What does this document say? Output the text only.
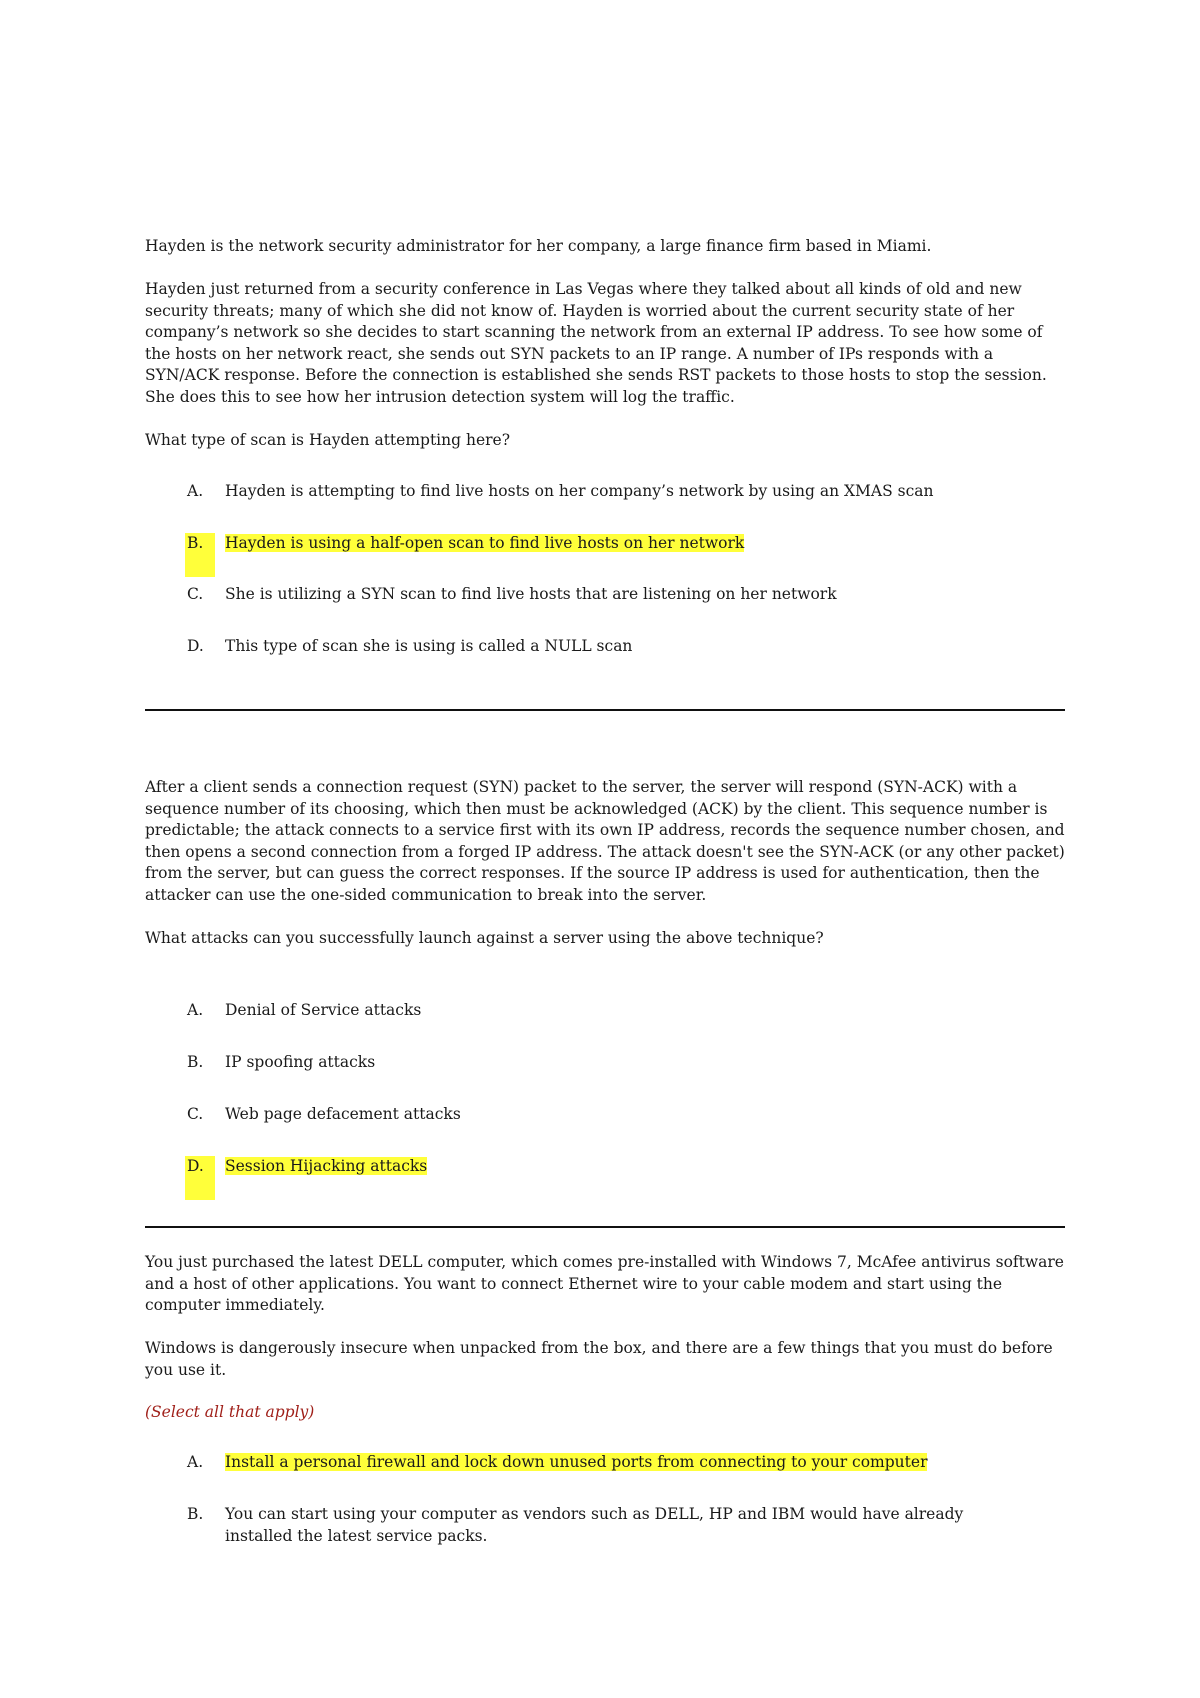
Hayden is the network security administrator for her company, a large finance firm based in Miami.

Hayden just returned from a security conference in Las Vegas where they talked about all kinds of old and new security threats; many of which she did not know of. Hayden is worried about the current security state of her company’s network so she decides to start scanning the network from an external IP address. To see how some of the hosts on her network react, she sends out SYN packets to an IP range. A number of IPs responds with a SYN/ACK response. Before the connection is established she sends RST packets to those hosts to stop the session. She does this to see how her intrusion detection system will log the traffic.

What type of scan is Hayden attempting here?

A.	Hayden is attempting to find live hosts on her company’s network by using an XMAS scan
B.	Hayden is using a half-open scan to find live hosts on her network
C.	She is utilizing a SYN scan to find live hosts that are listening on her network
D.	This type of scan she is using is called a NULL scan

After a client sends a connection request (SYN) packet to the server, the server will respond (SYN-ACK) with a sequence number of its choosing, which then must be acknowledged (ACK) by the client. This sequence number is predictable; the attack connects to a service first with its own IP address, records the sequence number chosen, and then opens a second connection from a forged IP address. The attack doesn't see the SYN-ACK (or any other packet) from the server, but can guess the correct responses. If the source IP address is used for authentication, then the attacker can use the one-sided communication to break into the server.

What attacks can you successfully launch against a server using the above technique?

A.	Denial of Service attacks
B.	IP spoofing attacks
C.	Web page defacement attacks
D.	Session Hijacking attacks

You just purchased the latest DELL computer, which comes pre-installed with Windows 7, McAfee antivirus software and a host of other applications. You want to connect Ethernet wire to your cable modem and start using the computer immediately.

Windows is dangerously insecure when unpacked from the box, and there are a few things that you must do before you use it.

(Select all that apply)

A.	Install a personal firewall and lock down unused ports from connecting to your computer
B.	You can start using your computer as vendors such as DELL, HP and IBM would have already installed the latest service packs.
